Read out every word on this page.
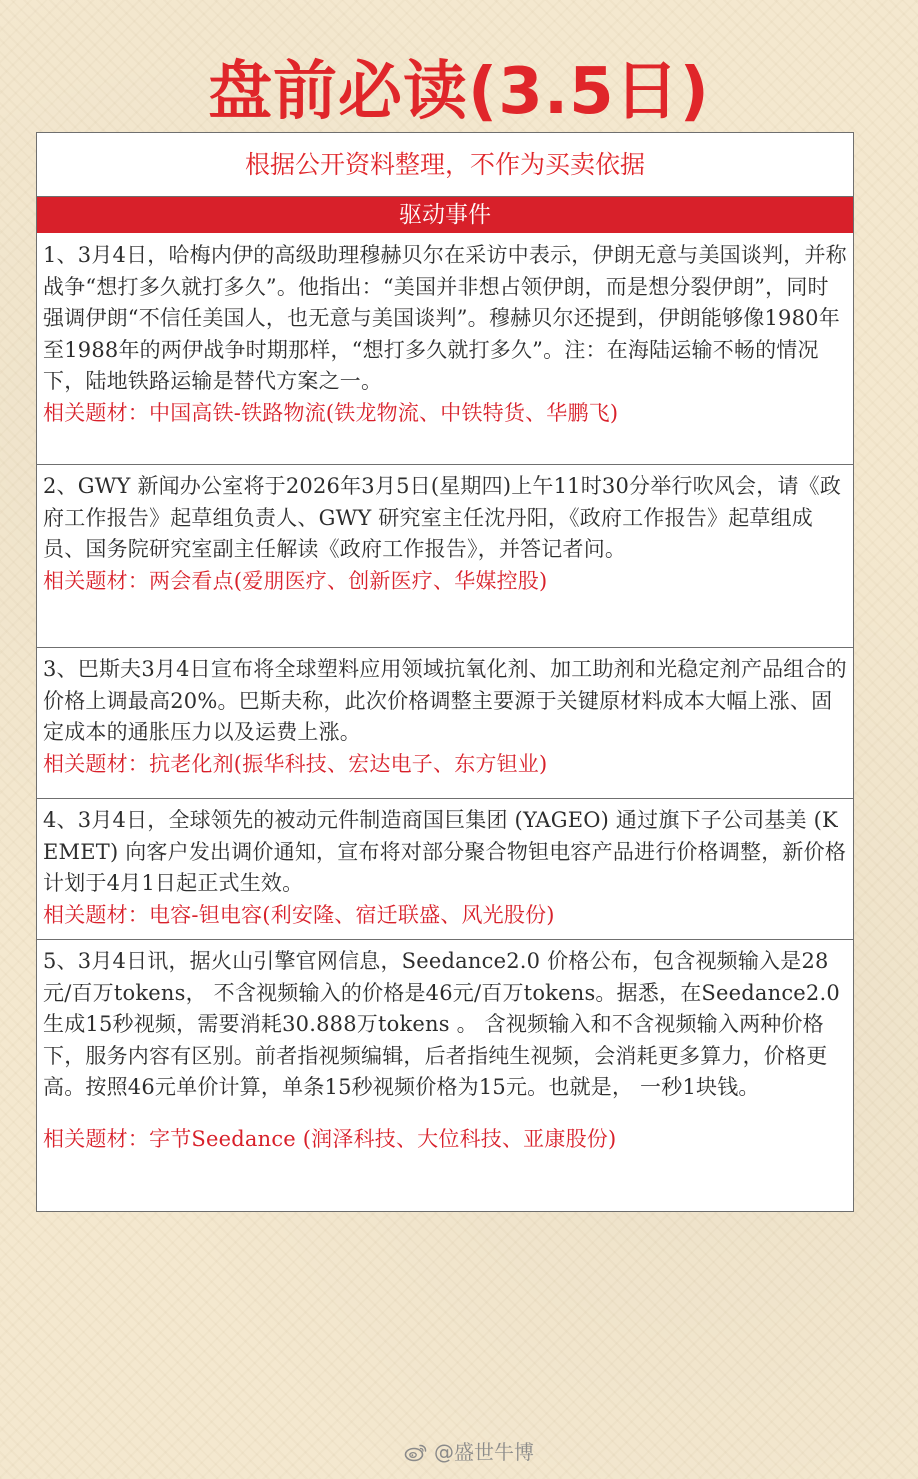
盘前必读(3.5日)
根据公开资料整理，不作为买卖依据
驱动事件
1、3月4日，哈梅内伊的高级助理穆赫贝尔在采访中表示，伊朗无意与美国谈判，并称战争“想打多久就打多久”。他指出：“美国并非想占领伊朗，而是想分裂伊朗”，同时强调伊朗“不信任美国人，也无意与美国谈判”。穆赫贝尔还提到，伊朗能够像1980年至1988年的两伊战争时期那样，“想打多久就打多久”。注：在海陆运输不畅的情况下，陆地铁路运输是替代方案之一。
相关题材：中国高铁-铁路物流(铁龙物流、中铁特货、华鹏飞)
2、GWY 新闻办公室将于2026年3月5日(星期四)上午11时30分举行吹风会，请《政府工作报告》起草组负责人、GWY 研究室主任沈丹阳，《政府工作报告》起草组成员、国务院研究室副主任解读《政府工作报告》，并答记者问。
相关题材：两会看点(爱朋医疗、创新医疗、华媒控股)
3、巴斯夫3月4日宣布将全球塑料应用领域抗氧化剂、加工助剂和光稳定剂产品组合的价格上调最高20%。巴斯夫称，此次价格调整主要源于关键原材料成本大幅上涨、固定成本的通胀压力以及运费上涨。
相关题材：抗老化剂(振华科技、宏达电子、东方钽业)
4、3月4日，全球领先的被动元件制造商国巨集团 (YAGEO) 通过旗下子公司基美 (KEMET) 向客户发出调价通知，宣布将对部分聚合物钽电容产品进行价格调整，新价格计划于4月1日起正式生效。
相关题材：电容-钽电容(利安隆、宿迁联盛、风光股份)
5、3月4日讯，据火山引擎官网信息，Seedance2.0 价格公布，包含视频输入是28元/百万tokens， 不含视频输入的价格是46元/百万tokens。据悉，在Seedance2.0 生成15秒视频，需要消耗30.888万tokens 。 含视频输入和不含视频输入两种价格下，服务内容有区别。前者指视频编辑，后者指纯生视频，会消耗更多算力，价格更高。按照46元单价计算，单条15秒视频价格为15元。也就是， 一秒1块钱。
相关题材：字节Seedance (润泽科技、大位科技、亚康股份)
@盛世牛博
